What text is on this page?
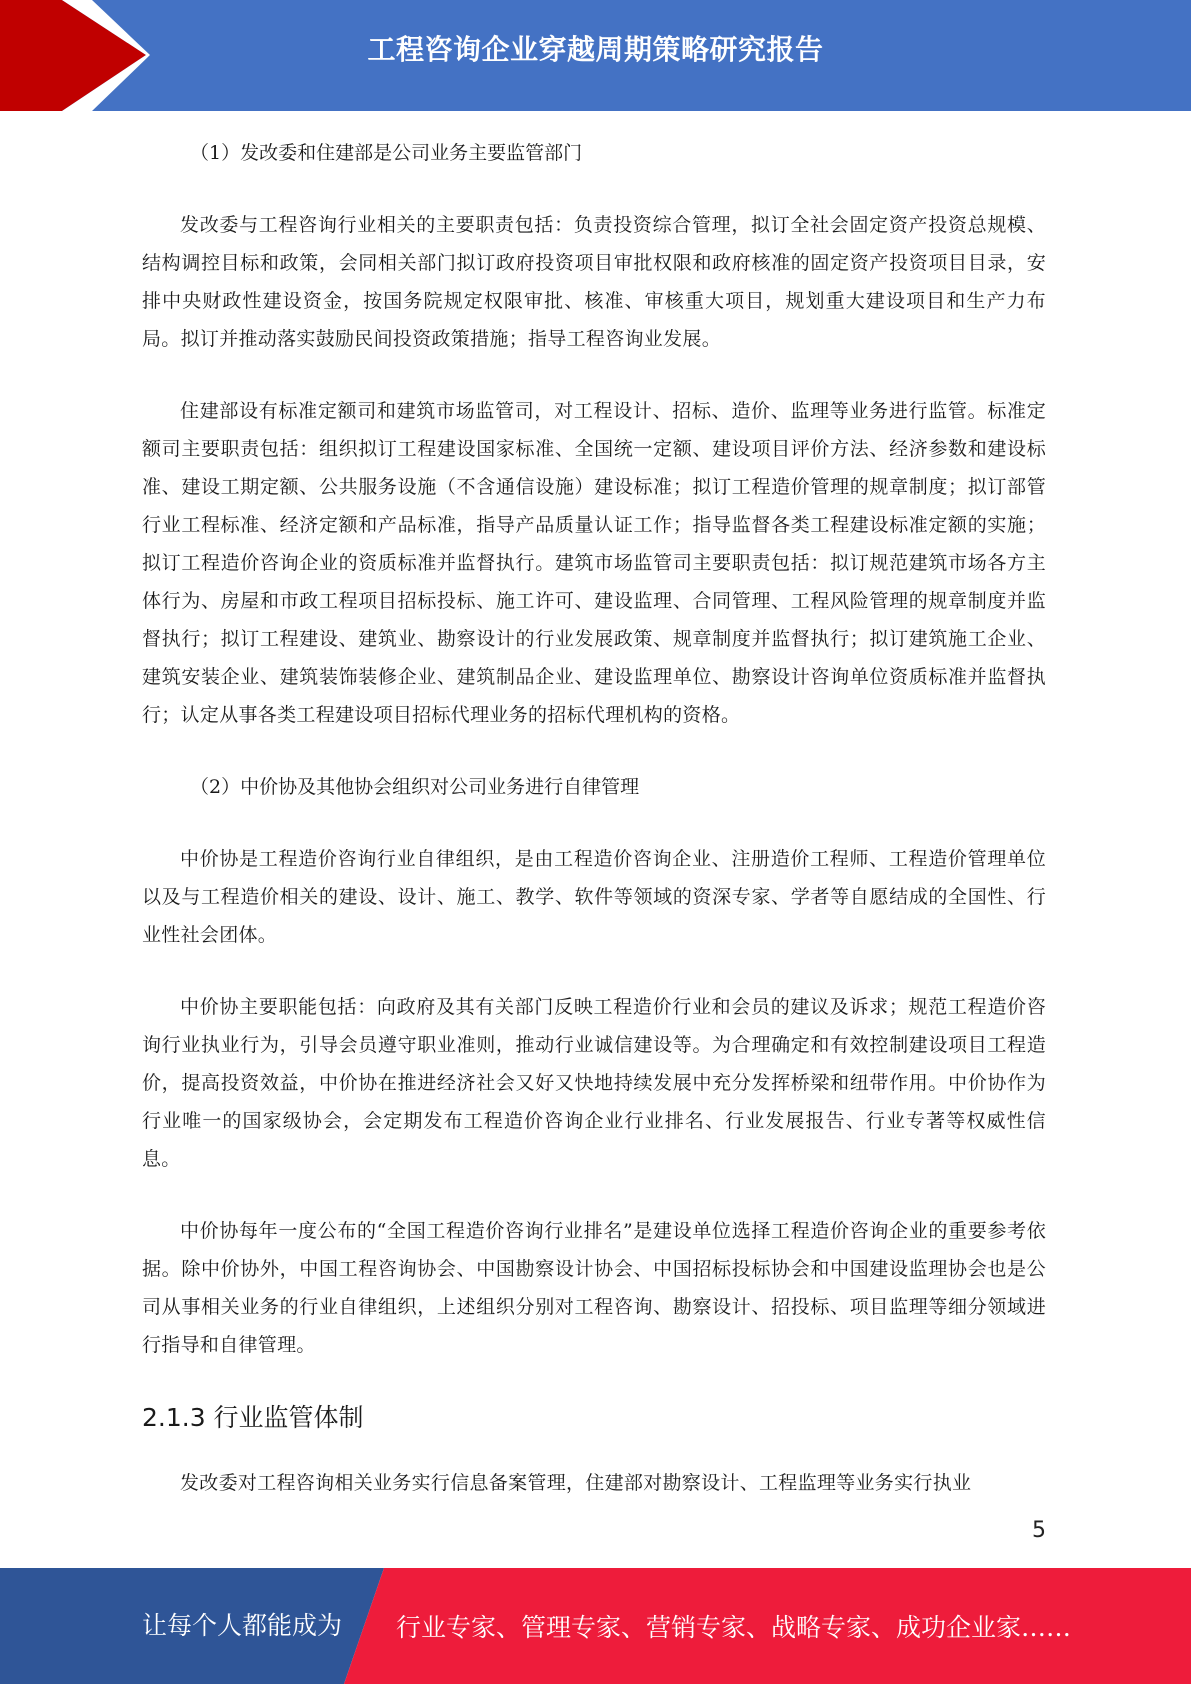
工程咨询企业穿越周期策略研究报告

（1）发改委和住建部是公司业务主要监管部门

发改委与工程咨询行业相关的主要职责包括：负责投资综合管理，拟订全社会固定资产投资总规模、结构调控目标和政策，会同相关部门拟订政府投资项目审批权限和政府核准的固定资产投资项目目录，安排中央财政性建设资金，按国务院规定权限审批、核准、审核重大项目，规划重大建设项目和生产力布局。拟订并推动落实鼓励民间投资政策措施；指导工程咨询业发展。

住建部设有标准定额司和建筑市场监管司，对工程设计、招标、造价、监理等业务进行监管。标准定额司主要职责包括：组织拟订工程建设国家标准、全国统一定额、建设项目评价方法、经济参数和建设标准、建设工期定额、公共服务设施（不含通信设施）建设标准；拟订工程造价管理的规章制度；拟订部管行业工程标准、经济定额和产品标准，指导产品质量认证工作；指导监督各类工程建设标准定额的实施；拟订工程造价咨询企业的资质标准并监督执行。建筑市场监管司主要职责包括：拟订规范建筑市场各方主体行为、房屋和市政工程项目招标投标、施工许可、建设监理、合同管理、工程风险管理的规章制度并监督执行；拟订工程建设、建筑业、勘察设计的行业发展政策、规章制度并监督执行；拟订建筑施工企业、建筑安装企业、建筑装饰装修企业、建筑制品企业、建设监理单位、勘察设计咨询单位资质标准并监督执行；认定从事各类工程建设项目招标代理业务的招标代理机构的资格。

（2）中价协及其他协会组织对公司业务进行自律管理

中价协是工程造价咨询行业自律组织，是由工程造价咨询企业、注册造价工程师、工程造价管理单位以及与工程造价相关的建设、设计、施工、教学、软件等领域的资深专家、学者等自愿结成的全国性、行业性社会团体。

中价协主要职能包括：向政府及其有关部门反映工程造价行业和会员的建议及诉求；规范工程造价咨询行业执业行为，引导会员遵守职业准则，推动行业诚信建设等。为合理确定和有效控制建设项目工程造价，提高投资效益，中价协在推进经济社会又好又快地持续发展中充分发挥桥梁和纽带作用。中价协作为行业唯一的国家级协会，会定期发布工程造价咨询企业行业排名、行业发展报告、行业专著等权威性信息。

中价协每年一度公布的“全国工程造价咨询行业排名”是建设单位选择工程造价咨询企业的重要参考依据。除中价协外，中国工程咨询协会、中国勘察设计协会、中国招标投标协会和中国建设监理协会也是公司从事相关业务的行业自律组织，上述组织分别对工程咨询、勘察设计、招投标、项目监理等细分领域进行指导和自律管理。

2.1.3 行业监管体制

发改委对工程咨询相关业务实行信息备案管理，住建部对勘察设计、工程监理等业务实行执业

5
让每个人都能成为 行业专家、管理专家、营销专家、战略专家、成功企业家……
